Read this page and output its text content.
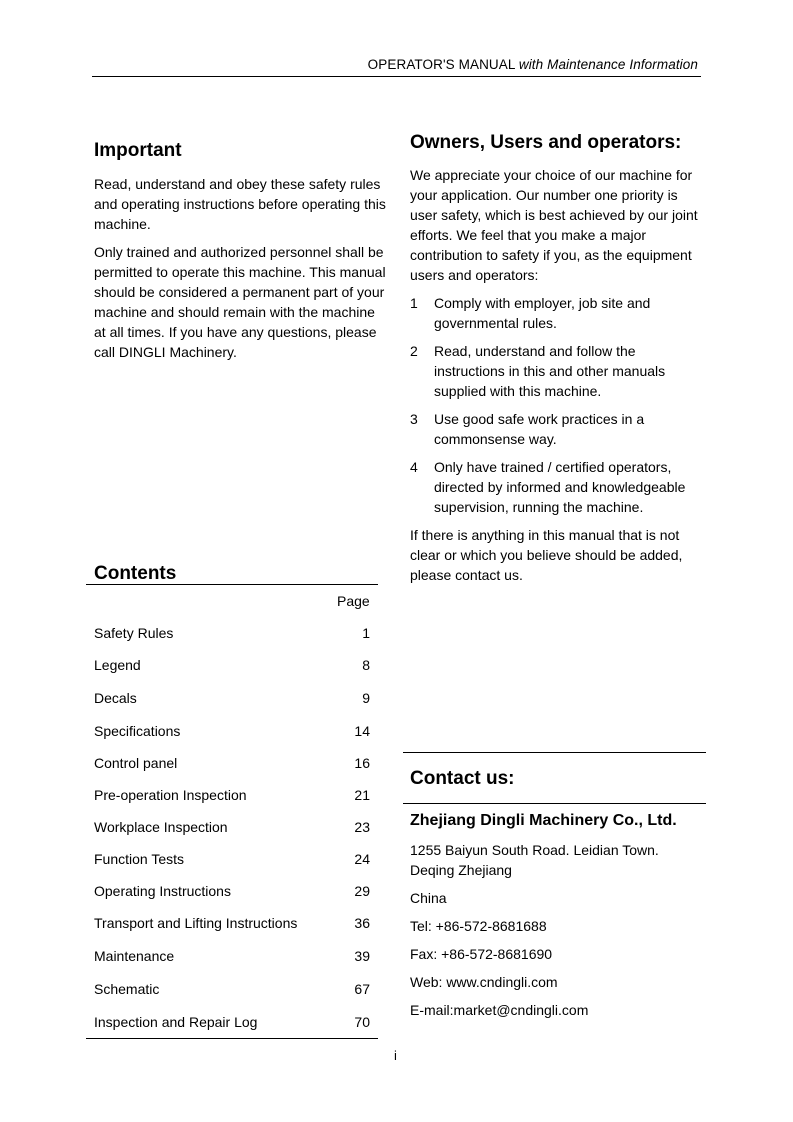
OPERATOR'S MANUAL with Maintenance Information
Important

Read, understand and obey these safety rules and operating instructions before operating this machine.

Only trained and authorized personnel shall be permitted to operate this machine. This manual should be considered a permanent part of your machine and should remain with the machine at all times. If you have any questions, please call DINGLI Machinery.

Owners, Users and operators:

We appreciate your choice of our machine for your application. Our number one priority is user safety, which is best achieved by our joint efforts. We feel that you make a major contribution to safety if you, as the equipment users and operators:

1	Comply with employer, job site and governmental rules.
2	Read, understand and follow the instructions in this and other manuals supplied with this machine.
3	Use good safe work practices in a commonsense way.
4	Only have trained / certified operators, directed by informed and knowledgeable supervision, running the machine.

If there is anything in this manual that is not clear or which you believe should be added, please contact us.

Contents
Page
Safety Rules	1
Legend	8
Decals	9
Specifications	14
Control panel	16
Pre-operation Inspection	21
Workplace Inspection	23
Function Tests	24
Operating Instructions	29
Transport and Lifting Instructions	36
Maintenance	39
Schematic	67
Inspection and Repair Log	70
Contact us:
Zhejiang Dingli Machinery Co., Ltd.
1255 Baiyun South Road. Leidian Town.
Deqing Zhejiang
China
Tel: +86-572-8681688
Fax: +86-572-8681690
Web: www.cndingli.com
E-mail:market@cndingli.com
i
